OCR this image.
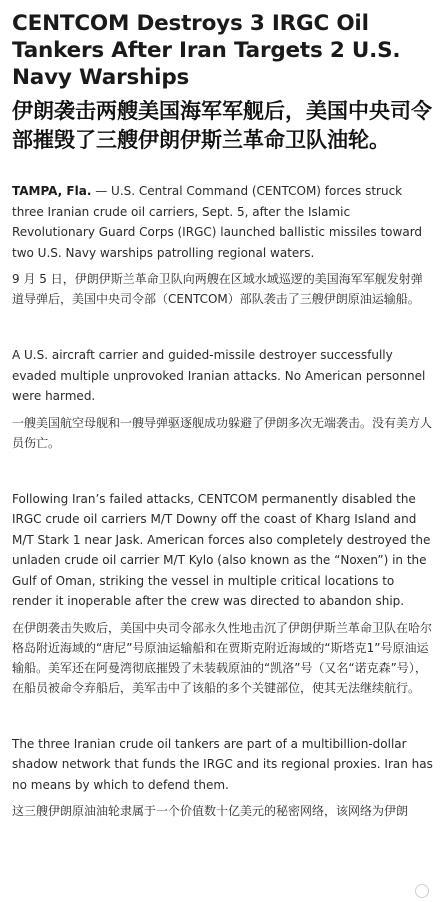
CENTCOM Destroys 3 IRGC Oil Tankers After Iran Targets 2 U.S. Navy Warships
伊朗袭击两艘美国海军军舰后，美国中央司令部摧毁了三艘伊朗伊斯兰革命卫队油轮。

TAMPA, Fla. — U.S. Central Command (CENTCOM) forces struck three Iranian crude oil carriers, Sept. 5, after the Islamic Revolutionary Guard Corps (IRGC) launched ballistic missiles toward two U.S. Navy warships patrolling regional waters.

9 月 5 日，伊朗伊斯兰革命卫队向两艘在区域水域巡逻的美国海军军舰发射弹道导弹后，美国中央司令部（CENTCOM）部队袭击了三艘伊朗原油运输船。

A U.S. aircraft carrier and guided-missile destroyer successfully evaded multiple unprovoked Iranian attacks. No American personnel were harmed.

一艘美国航空母舰和一艘导弹驱逐舰成功躲避了伊朗多次无端袭击。没有美方人员伤亡。

Following Iran’s failed attacks, CENTCOM permanently disabled the IRGC crude oil carriers M/T Downy off the coast of Kharg Island and M/T Stark 1 near Jask. American forces also completely destroyed the unladen crude oil carrier M/T Kylo (also known as the “Noxen”) in the Gulf of Oman, striking the vessel in multiple critical locations to render it inoperable after the crew was directed to abandon ship.

在伊朗袭击失败后，美国中央司令部永久性地击沉了伊朗伊斯兰革命卫队在哈尔格岛附近海域的“唐尼”号原油运输船和在贾斯克附近海域的“斯塔克1”号原油运输船。美军还在阿曼湾彻底摧毁了未装载原油的“凯洛”号（又名“诺克森”号），在船员被命令弃船后，美军击中了该船的多个关键部位，使其无法继续航行。

The three Iranian crude oil tankers are part of a multibillion-dollar shadow network that funds the IRGC and its regional proxies. Iran has no means by which to defend them.

这三艘伊朗原油油轮隶属于一个价值数十亿美元的秘密网络，该网络为伊朗
